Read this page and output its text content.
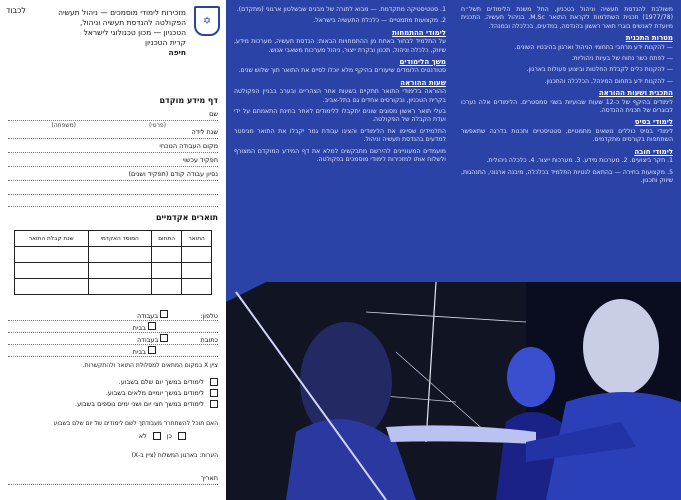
✡
מזכירות לימודי מוסמכים — ניהול תעשיה
הפקולטה להנדסת תעשיה וניהול,
הטכניון — מכון טכנולוגי לישראל
קרית הטכניון
חיפה
לכבוד
דף מידע מוקדם
שם
(פרטי)
(משפחה)
שנת לידה
מקום העבודה הנוכחי
תפקיד עכשוי
נסיון עבודה קודם (תפקיד ושנים)
תוארים אקדמיים
התואר	התחום	המוסד האקדמי	שנת קבלת התואר

טלפון:  בעבודה
בבית
כתובת  בעבודה
בבית
ציין X במקום המתאים למסלולת התואר ולהתקשרות.
לימודים במשך יום שלם בשבוע.
לימודים במשך יומיים מלאים בשבוע.
לימודים במשך חצי יום ושני ימים נוספים בשבוע.
האם תוכל להשתחרר מעבודתך לשם לימודים של יום שלם בשבוע
כן
לא
הערות: בארגון המשלוח (ציין ב-X)
תאריך

משולבת להנדסת תעשיה וניהול בטכניון, החל משנת הלימודים תשל״ח (1977/78) תכנית השתלמות לקראת התואר M.Sc. בניהול תעשיה. התכנית מיועדת לאנשים בוגרי תואר ראשון בהנדסה, במדעים, בכלכלה ובמנהל.

מטרות התכנית

— להקנות ידע מרחבי בתחומי הניהול וארגון בהיבטיו השונים.

— לפתח כשר נתוח של בעיות ניהוליות.

— להקנות כלים לקבלת החלטות וביצוע פעולות בארגון.

— להקנות ידע בתחום המינהל, הכלכלה והתכנון.

התכנית ושעות ההוראה

לימודים בהיקף של כ-12 שעות שבועיות בשני סמסטרים. הלימודים אלה נערכו לבוגרים של תכנית ההנדסה.

לימודי בסיס

לימודי בסיס כוללים נושאים מתמטיים, סטטיסטיים ותכנות בדרגה שתאפשר השתתפות בקורסים מתקדמים.

לימודי חובה

1. חקר ביצועים. 2. מערכות מידע. 3. מערכות ייצור. 4. כלכלה ניהולית.

5. מקצועות בחירה — בהתאם לנטיות התלמיד בכלכלה, מיבנה ארגוני, התנהגות, שיווק ותכנון.

1. סטטיסטיקה מתקדמת. — מבוא לתורה של מבנים שבשלטון ארגוני (מתקדם).

2. מקצועות מתמטיים — כלכלת התעשיה בישראל.

לימודי ההתמחות

על התלמיד לבחור באחת מן ההתמחויות הבאות: הנדסת תעשיה, מערכות מידע, שיווק, כלכלה וניהול, תכנון ובקרת ייצור, ניהול מערכות משאבי אנוש.

משך הלימודים

סטודנטים הלומדים שיעורים בהיקף מלא יוכלו לסיים את התואר תוך שלוש שנים.

שעות ההוראה

ההוראה בלימודי התואר תתקיים בשעות אחר הצהריים ובערב בבניין הפקולטה בקרית הטכניון, ובקורסים אחדים גם בתל-אביב.

בעלי תואר ראשון מסוגים שונים יתקבלו ללימודים לאחר בחינת התאמתם על ידי ועדת הקבלה של הפקולטה.

התלמידים שסיימו את הלימודים והציגו עבודת גמר יקבלו את התואר מגיסטר למדעים בהנדסת תעשיה וניהול.

מועמדים המעוניינים להירשם מתבקשים למלא את דף המידע המוקדם המצורף ולשלוח אותו למזכירות לימודי מוסמכים בפקולטה.
